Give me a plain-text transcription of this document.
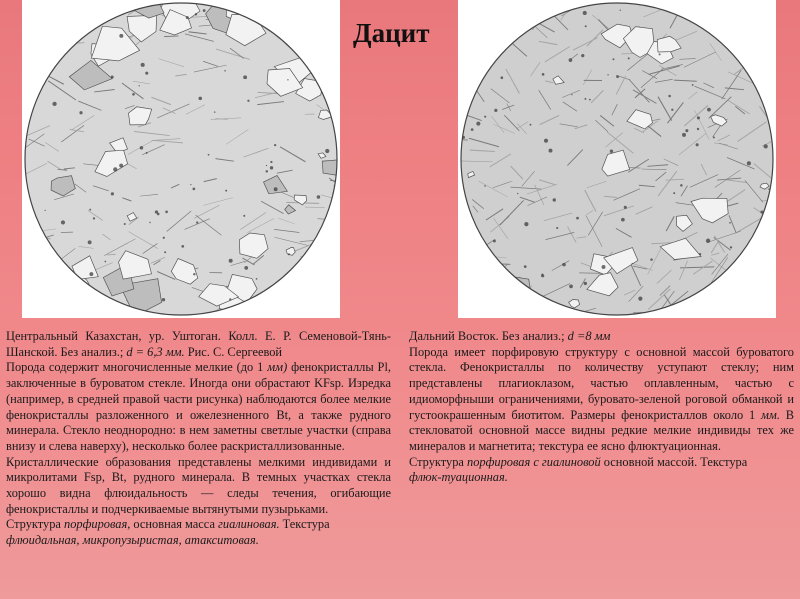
Дацит

Центральный Казахстан, ур. Уштоган. Колл. Е. Р. Семеновой-Тянь-Шанской. Без анализ.; d = 6,3 мм. Рис. С. Сергеевой

Порода содержит многочисленные мелкие (до 1 мм) фенокристаллы Pl, заключенные в буроватом стекле. Иногда они обрастают KFsp. Изредка (например, в средней правой части рисунка) наблюдаются более мелкие фенокристаллы разложенного и ожелезненного Bt, а также рудного минерала. Стекло неоднородно: в нем заметны светлые участки (справа внизу и слева наверху), несколько более раскристаллизованные.

Кристаллические образования представлены мелкими индивидами и микролитами Fsp, Bt, рудного минерала. В темных участках стекла хорошо видна флюидальность — следы течения, огибающие фенокристаллы и подчеркиваемые вытянутыми пузырьками.

Структура порфировая, основная масса гиалиновая. Текстура
флюидальная, микропузыристая, атакситовая.

Дальний Восток. Без анализ.; d =8 мм

Порода имеет порфировую структуру с основной массой буроватого стекла. Фенокристаллы по количеству уступают стеклу; ним представлены плагиоклазом, частью оплавленным, частью с идиоморфныши ограничениями, буровато-зеленой роговой обманкой и густоокрашенным биотитом. Размеры фенокристаллов около 1 мм. В стекловатой основной массе видны редкие мелкие индивиды тех же минералов и магнетита; текстура ее ясно флюктуационная.

Структура порфировая с гиалиновой основной массой. Текстура
флюк-туационная.
